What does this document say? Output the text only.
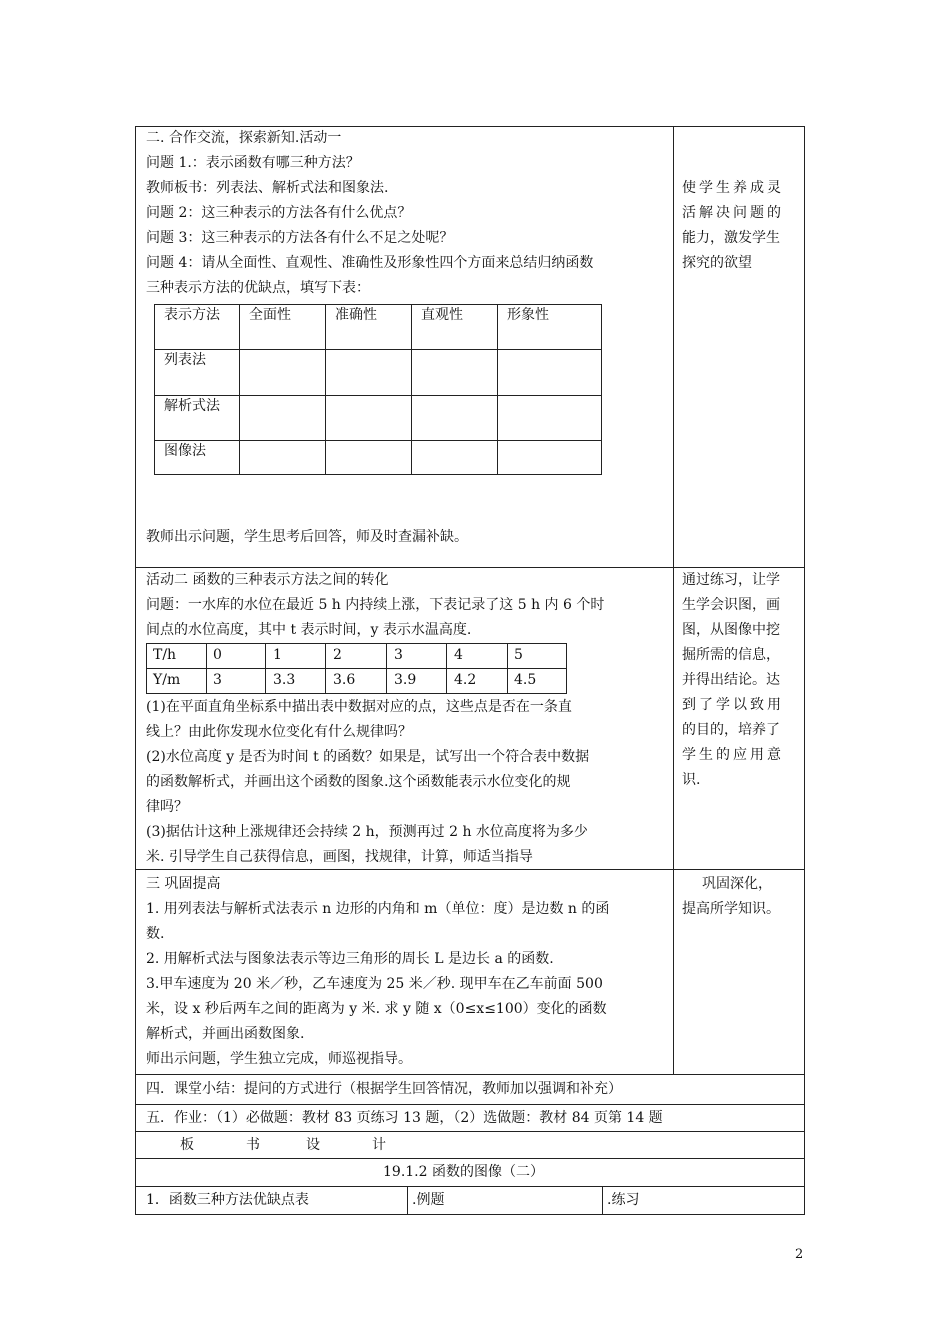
二. 合作交流，探索新知.活动一
问题 1.：表示函数有哪三种方法？
教师板书：列表法、解析式法和图象法.
问题 2：这三种表示的方法各有什么优点？
问题 3：这三种表示的方法各有什么不足之处呢？
问题 4：请从全面性、直观性、准确性及形象性四个方面来总结归纳函数
三种表示方法的优缺点，填写下表：
表示方法 全面性	准确性	直观性	形象性
列表法
解析式法
图像法
教师出示问题，学生思考后回答，师及时查漏补缺。
使学生养成灵
活解决问题的
能力，激发学生
探究的欲望
活动二 函数的三种表示方法之间的转化
问题：一水库的水位在最近 5 h 内持续上涨，下表记录了这 5 h 内 6 个时
间点的水位高度，其中 t 表示时间，y 表示水温高度.
T/h	0	1	2	3	4	5
Y/m 3	3.3	3.6	3.9	4.2	4.5
(1)在平面直角坐标系中描出表中数据对应的点，这些点是否在一条直
线上？由此你发现水位变化有什么规律吗？
(2)水位高度 y 是否为时间 t 的函数？如果是，试写出一个符合表中数据
的函数解析式，并画出这个函数的图象.这个函数能表示水位变化的规
律吗？
(3)据估计这种上涨规律还会持续 2 h，预测再过 2 h 水位高度将为多少
米. 引导学生自己获得信息，画图，找规律，计算，师适当指导
通过练习，让学
生学会识图，画
图，从图像中挖
掘所需的信息，
并得出结论。达
到了学以致用
的目的，培养了
学生的应用意
识.
三 巩固提高
1. 用列表法与解析式法表示 n 边形的内角和 m（单位：度）是边数 n 的函
数.
2. 用解析式法与图象法表示等边三角形的周长 L 是边长 a 的函数.
3.甲车速度为 20 米／秒，乙车速度为 25 米／秒. 现甲车在乙车前面 500
米，设 x 秒后两车之间的距离为 y 米. 求 y 随 x（0≤x≤100）变化的函数
解析式，并画出函数图象.
师出示问题，学生独立完成，师巡视指导。
巩固深化，
提高所学知识。
四．课堂小结：提问的方式进行（根据学生回答情况，教师加以强调和补充）
五．作业：（1）必做题：教材 83 页练习 13 题，（2）选做题：教材 84 页第 14 题
板	书	设	计
19.1.2 函数的图像（二）
1．函数三种方法优缺点表	.例题	.练习
2
